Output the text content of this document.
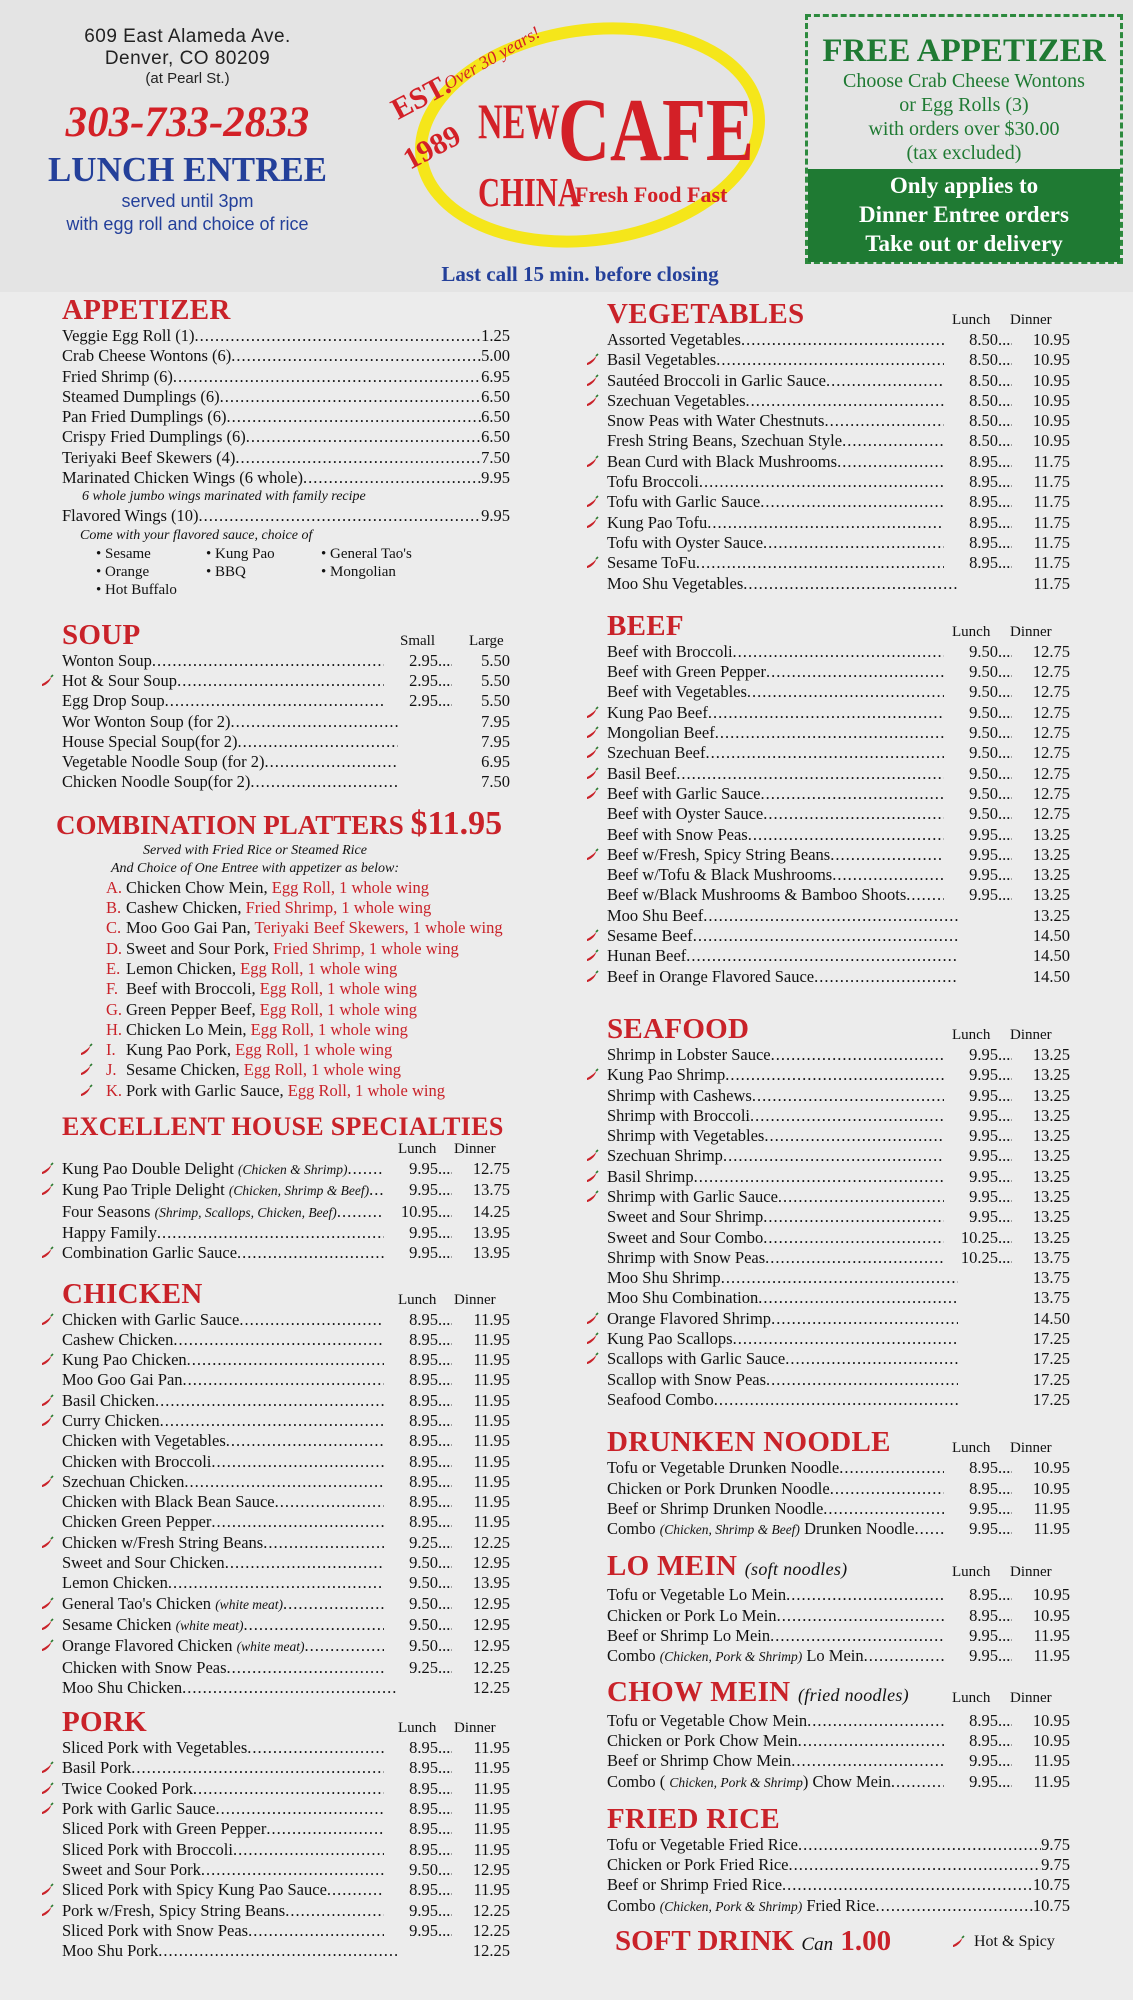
609 East Alameda Ave.
Denver, CO 80209
(at Pearl St.)
303-733-2833
LUNCH ENTREE
served until 3pm
with egg roll and choice of rice
EST.
1989
Over 30 years!
NEW
CAFE
CHINA
Fresh Food Fast
Last call 15 min. before closing
FREE APPETIZER
Choose Crab Cheese Wontons
or Egg Rolls (3)
with orders over $30.00
(tax excluded)
Only applies to
Dinner Entree orders
Take out or delivery
APPETIZER
Veggie Egg Roll (1) .....	1.25
Crab Cheese Wontons (6) .....	5.00
Fried Shrimp (6) .....	6.95
Steamed Dumplings (6) .....	6.50
Pan Fried Dumplings (6) .....	6.50
Crispy Fried Dumplings (6) .....	6.50
Teriyaki Beef Skewers (4) .....	7.50
Marinated Chicken Wings (6 whole) .....	9.95
6 whole jumbo wings marinated with family recipe
Flavored Wings (10) .....	9.95
Come with your flavored sauce, choice of
• Sesame	• Kung Pao	• General Tao's
• Orange	• BBQ	• Mongolian
• Hot Buffalo
SOUP	Small Large
Wonton Soup .....	2.95 .....	5.50
Hot & Sour Soup .....	2.95 .....	5.50
Egg Drop Soup .....	2.95 .....	5.50
Wor Wonton Soup (for 2) .....	7.95
House Special Soup(for 2) .....	7.95
Vegetable Noodle Soup (for 2) .....	6.95
Chicken Noodle Soup(for 2) .....	7.50
COMBINATION PLATTERS $11.95
Served with Fried Rice or Steamed Rice
And Choice of One Entree with appetizer as below:
A. Chicken Chow Mein, Egg Roll, 1 whole wing
B. Cashew Chicken, Fried Shrimp, 1 whole wing
C. Moo Goo Gai Pan, Teriyaki Beef Skewers, 1 whole wing
D. Sweet and Sour Pork, Fried Shrimp, 1 whole wing
E. Lemon Chicken, Egg Roll, 1 whole wing
F. Beef with Broccoli, Egg Roll, 1 whole wing
G. Green Pepper Beef, Egg Roll, 1 whole wing
H. Chicken Lo Mein, Egg Roll, 1 whole wing
I. Kung Pao Pork, Egg Roll, 1 whole wing
J. Sesame Chicken, Egg Roll, 1 whole wing
K. Pork with Garlic Sauce, Egg Roll, 1 whole wing
EXCELLENT HOUSE SPECIALTIES
Lunch Dinner
Kung Pao Double Delight (Chicken & Shrimp) .....	9.95 .....	12.75
Kung Pao Triple Delight (Chicken, Shrimp & Beef) .....	9.95 .....	13.75
Four Seasons (Shrimp, Scallops, Chicken, Beef) .....	10.95 .....	14.25
Happy Family .....	9.95 .....	13.95
Combination Garlic Sauce .....	9.95 .....	13.95
CHICKEN	Lunch Dinner
Chicken with Garlic Sauce .....	8.95 .....	11.95
Cashew Chicken .....	8.95 .....	11.95
Kung Pao Chicken .....	8.95 .....	11.95
Moo Goo Gai Pan .....	8.95 .....	11.95
Basil Chicken .....	8.95 .....	11.95
Curry Chicken .....	8.95 .....	11.95
Chicken with Vegetables .....	8.95 .....	11.95
Chicken with Broccoli .....	8.95 .....	11.95
Szechuan Chicken .....	8.95 .....	11.95
Chicken with Black Bean Sauce .....	8.95 .....	11.95
Chicken Green Pepper .....	8.95 .....	11.95
Chicken w/Fresh String Beans .....	9.25 .....	12.25
Sweet and Sour Chicken .....	9.50 .....	12.95
Lemon Chicken .....	9.50 .....	13.95
General Tao's Chicken (white meat) .....	9.50 .....	12.95
Sesame Chicken (white meat) .....	9.50 .....	12.95
Orange Flavored Chicken (white meat) .....	9.50 .....	12.95
Chicken with Snow Peas .....	9.25 .....	12.25
Moo Shu Chicken .....	12.25
PORK	Lunch Dinner
Sliced Pork with Vegetables .....	8.95 .....	11.95
Basil Pork .....	8.95 .....	11.95
Twice Cooked Pork .....	8.95 .....	11.95
Pork with Garlic Sauce .....	8.95 .....	11.95
Sliced Pork with Green Pepper .....	8.95 .....	11.95
Sliced Pork with Broccoli .....	8.95 .....	11.95
Sweet and Sour Pork .....	9.50 .....	12.95
Sliced Pork with Spicy Kung Pao Sauce .....	8.95 .....	11.95
Pork w/Fresh, Spicy String Beans .....	9.95 .....	12.25
Sliced Pork with Snow Peas .....	9.95 .....	12.25
Moo Shu Pork .....	12.25
VEGETABLES	Lunch Dinner
Assorted Vegetables .....	8.50 .....	10.95
Basil Vegetables .....	8.50 .....	10.95
Sautéed Broccoli in Garlic Sauce .....	8.50 .....	10.95
Szechuan Vegetables .....	8.50 .....	10.95
Snow Peas with Water Chestnuts .....	8.50 .....	10.95
Fresh String Beans, Szechuan Style .....	8.50 .....	10.95
Bean Curd with Black Mushrooms .....	8.95 .....	11.75
Tofu Broccoli .....	8.95 .....	11.75
Tofu with Garlic Sauce .....	8.95 .....	11.75
Kung Pao Tofu .....	8.95 .....	11.75
Tofu with Oyster Sauce .....	8.95 .....	11.75
Sesame ToFu .....	8.95 .....	11.75
Moo Shu Vegetables .....	11.75
BEEF	Lunch Dinner
Beef with Broccoli .....	9.50 .....	12.75
Beef with Green Pepper .....	9.50 .....	12.75
Beef with Vegetables .....	9.50 .....	12.75
Kung Pao Beef .....	9.50 .....	12.75
Mongolian Beef .....	9.50 .....	12.75
Szechuan Beef .....	9.50 .....	12.75
Basil Beef .....	9.50 .....	12.75
Beef with Garlic Sauce .....	9.50 .....	12.75
Beef with Oyster Sauce .....	9.50 .....	12.75
Beef with Snow Peas .....	9.95 .....	13.25
Beef w/Fresh, Spicy String Beans .....	9.95 .....	13.25
Beef w/Tofu & Black Mushrooms .....	9.95 .....	13.25
Beef w/Black Mushrooms & Bamboo Shoots .....	9.95 .....	13.25
Moo Shu Beef .....	13.25
Sesame Beef .....	14.50
Hunan Beef .....	14.50
Beef in Orange Flavored Sauce .....	14.50
SEAFOOD	Lunch Dinner
Shrimp in Lobster Sauce .....	9.95 .....	13.25
Kung Pao Shrimp .....	9.95 .....	13.25
Shrimp with Cashews .....	9.95 .....	13.25
Shrimp with Broccoli .....	9.95 .....	13.25
Shrimp with Vegetables .....	9.95 .....	13.25
Szechuan Shrimp .....	9.95 .....	13.25
Basil Shrimp .....	9.95 .....	13.25
Shrimp with Garlic Sauce .....	9.95 .....	13.25
Sweet and Sour Shrimp .....	9.95 .....	13.25
Sweet and Sour Combo .....	10.25 .....	13.25
Shrimp with Snow Peas .....	10.25 .....	13.75
Moo Shu Shrimp .....	13.75
Moo Shu Combination .....	13.75
Orange Flavored Shrimp .....	14.50
Kung Pao Scallops .....	17.25
Scallops with Garlic Sauce .....	17.25
Scallop with Snow Peas .....	17.25
Seafood Combo .....	17.25
DRUNKEN NOODLE	Lunch Dinner
Tofu or Vegetable Drunken Noodle .....	8.95 .....	10.95
Chicken or Pork Drunken Noodle .....	8.95 .....	10.95
Beef or Shrimp Drunken Noodle .....	9.95 .....	11.95
Combo (Chicken, Shrimp & Beef) Drunken Noodle .....	9.95 .....	11.95
LO MEIN (soft noodles)	Lunch Dinner
Tofu or Vegetable Lo Mein .....	8.95 .....	10.95
Chicken or Pork Lo Mein .....	8.95 .....	10.95
Beef or Shrimp Lo Mein .....	9.95 .....	11.95
Combo (Chicken, Pork & Shrimp) Lo Mein .....	9.95 .....	11.95
CHOW MEIN (fried noodles)	Lunch Dinner
Tofu or Vegetable Chow Mein .....	8.95 .....	10.95
Chicken or Pork Chow Mein .....	8.95 .....	10.95
Beef or Shrimp Chow Mein .....	9.95 .....	11.95
Combo ( Chicken, Pork & Shrimp) Chow Mein .....	9.95 .....	11.95
FRIED RICE
Tofu or Vegetable Fried Rice .....	9.75
Chicken or Pork Fried Rice .....	9.75
Beef or Shrimp Fried Rice .....	10.75
Combo (Chicken, Pork & Shrimp) Fried Rice .....	10.75
SOFT DRINK Can 1.00	Hot & Spicy
